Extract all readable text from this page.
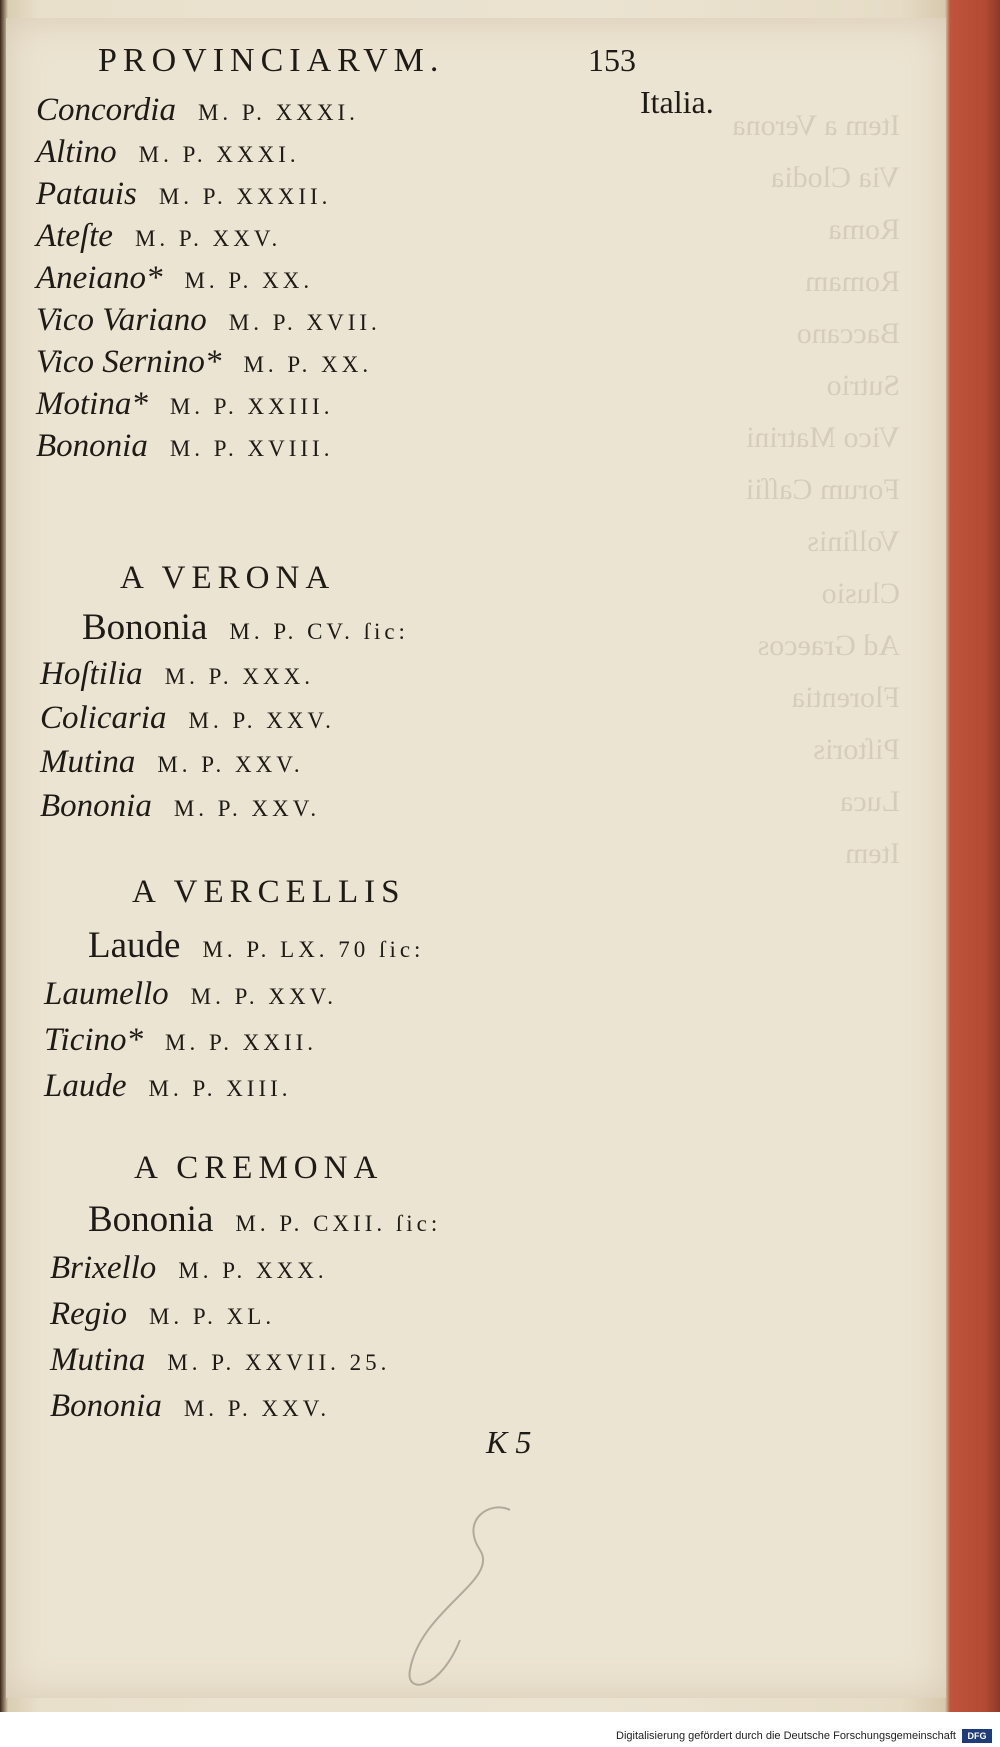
Item a Verona
Via Clodia
Roma
Romam
Baccano
Sutrio
Vico Matrini
Forum Caſſii
Volſinis
Clusio
Ad Graecos
Florentia
Piſtoris
Luca
Item
PROVINCIARVM.	153
Italia.
Concordia M. P. XXXI.
Altino M. P. XXXI.
Patauis M. P. XXXII.
Ateſte M. P. XXV.
Aneiano* M. P. XX.
Vico Variano M. P. XVII.
Vico Sernino* M. P. XX.
Motina* M. P. XXIII.
Bononia M. P. XVIII.
A VERONA
Bononia M. P. CV. ſic:
Hoſtilia M. P. XXX.
Colicaria M. P. XXV.
Mutina M. P. XXV.
Bononia M. P. XXV.
A VERCELLIS
Laude M. P. LX. 70 ſic:
Laumello M. P. XXV.
Ticino* M. P. XXII.
Laude M. P. XIII.
A CREMONA
Bononia M. P. CXII. ſic:
Brixello M. P. XXX.
Regio M. P. XL.
Mutina M. P. XXVII. 25.
Bononia M. P. XXV.
K 5
Digitalisierung gefördert durch die Deutsche Forschungsgemeinschaft	DFG
